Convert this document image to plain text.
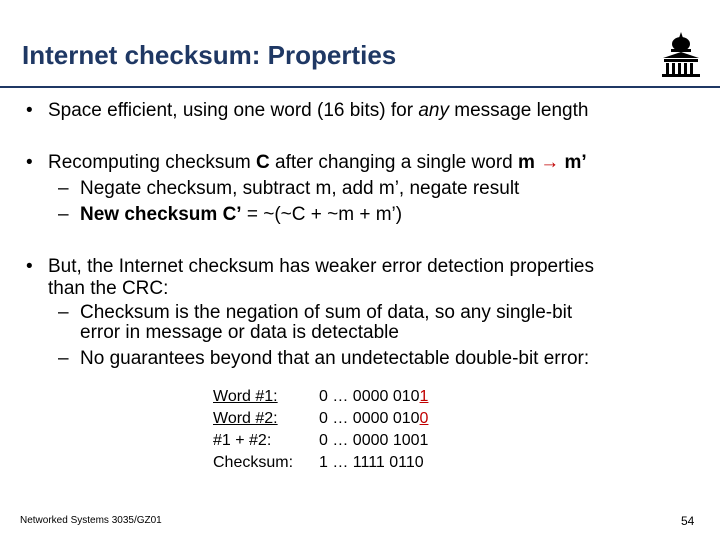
Internet checksum: Properties
• Space efficient, using one word (16 bits) for any message length
• Recomputing checksum C after changing a single word m → m’
– Negate checksum, subtract m, add m’, negate result
– New checksum C’ = ~(~C + ~m + m’)
• But, the Internet checksum has weaker error detection properties
than the CRC:
– Checksum is the negation of sum of data, so any single-bit
error in message or data is detectable
– No guarantees beyond that an undetectable double-bit error:
Word #1:	0 … 0000 0101
Word #2:	0 … 0000 0100
#1 + #2:	0 … 0000 1001
Checksum: 1 … 1111 0110
Networked Systems 3035/GZ01	54
